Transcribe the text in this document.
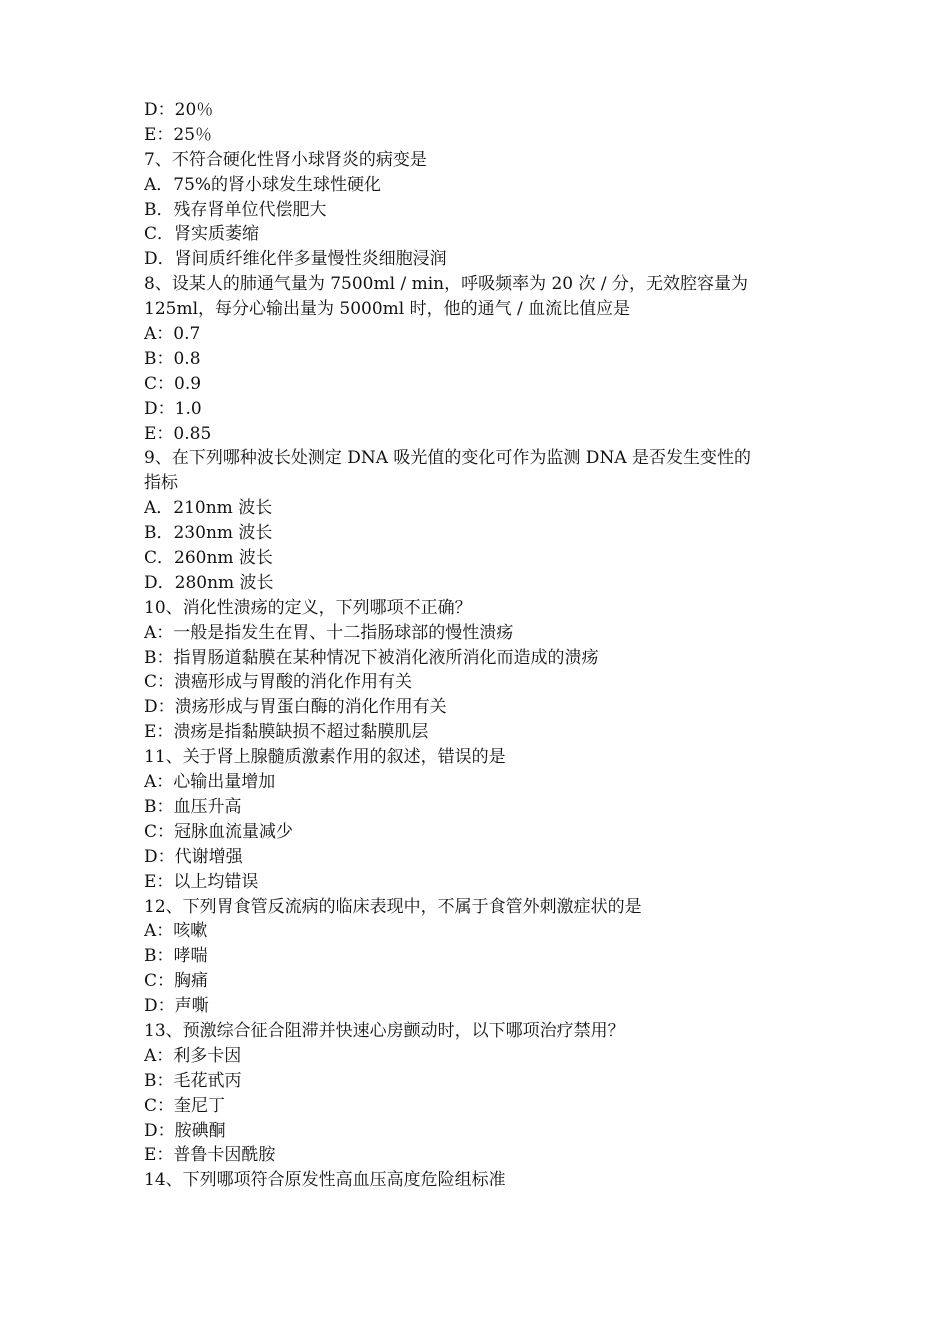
D：20％
E：25％
7、不符合硬化性肾小球肾炎的病变是
A．75%的肾小球发生球性硬化
B．残存肾单位代偿肥大
C．肾实质萎缩
D．肾间质纤维化伴多量慢性炎细胞浸润
8、设某人的肺通气量为 7500ml / min，呼吸频率为 20 次 / 分，无效腔容量为
125ml，每分心输出量为 5000ml 时，他的通气 / 血流比值应是
A：0.7
B：0.8
C：0.9
D：1.0
E：0.85
9、在下列哪种波长处测定 DNA 吸光值的变化可作为监测 DNA 是否发生变性的
指标
A．210nm 波长
B．230nm 波长
C．260nm 波长
D．280nm 波长
10、消化性溃疡的定义，下列哪项不正确？
A：一般是指发生在胃、十二指肠球部的慢性溃疡
B：指胃肠道黏膜在某种情况下被消化液所消化而造成的溃疡
C：溃癌形成与胃酸的消化作用有关
D：溃疡形成与胃蛋白酶的消化作用有关
E：溃疡是指黏膜缺损不超过黏膜肌层
11、关于肾上腺髓质激素作用的叙述，错误的是
A：心输出量增加
B：血压升高
C：冠脉血流量减少
D：代谢增强
E：以上均错误
12、下列胃食管反流病的临床表现中，不属于食管外刺激症状的是
A：咳嗽
B：哮喘
C：胸痛
D：声嘶
13、预激综合征合阻滞并快速心房颤动时，以下哪项治疗禁用？
A：利多卡因
B：毛花甙丙
C：奎尼丁
D：胺碘酮
E：普鲁卡因酰胺
14、下列哪项符合原发性高血压高度危险组标准
